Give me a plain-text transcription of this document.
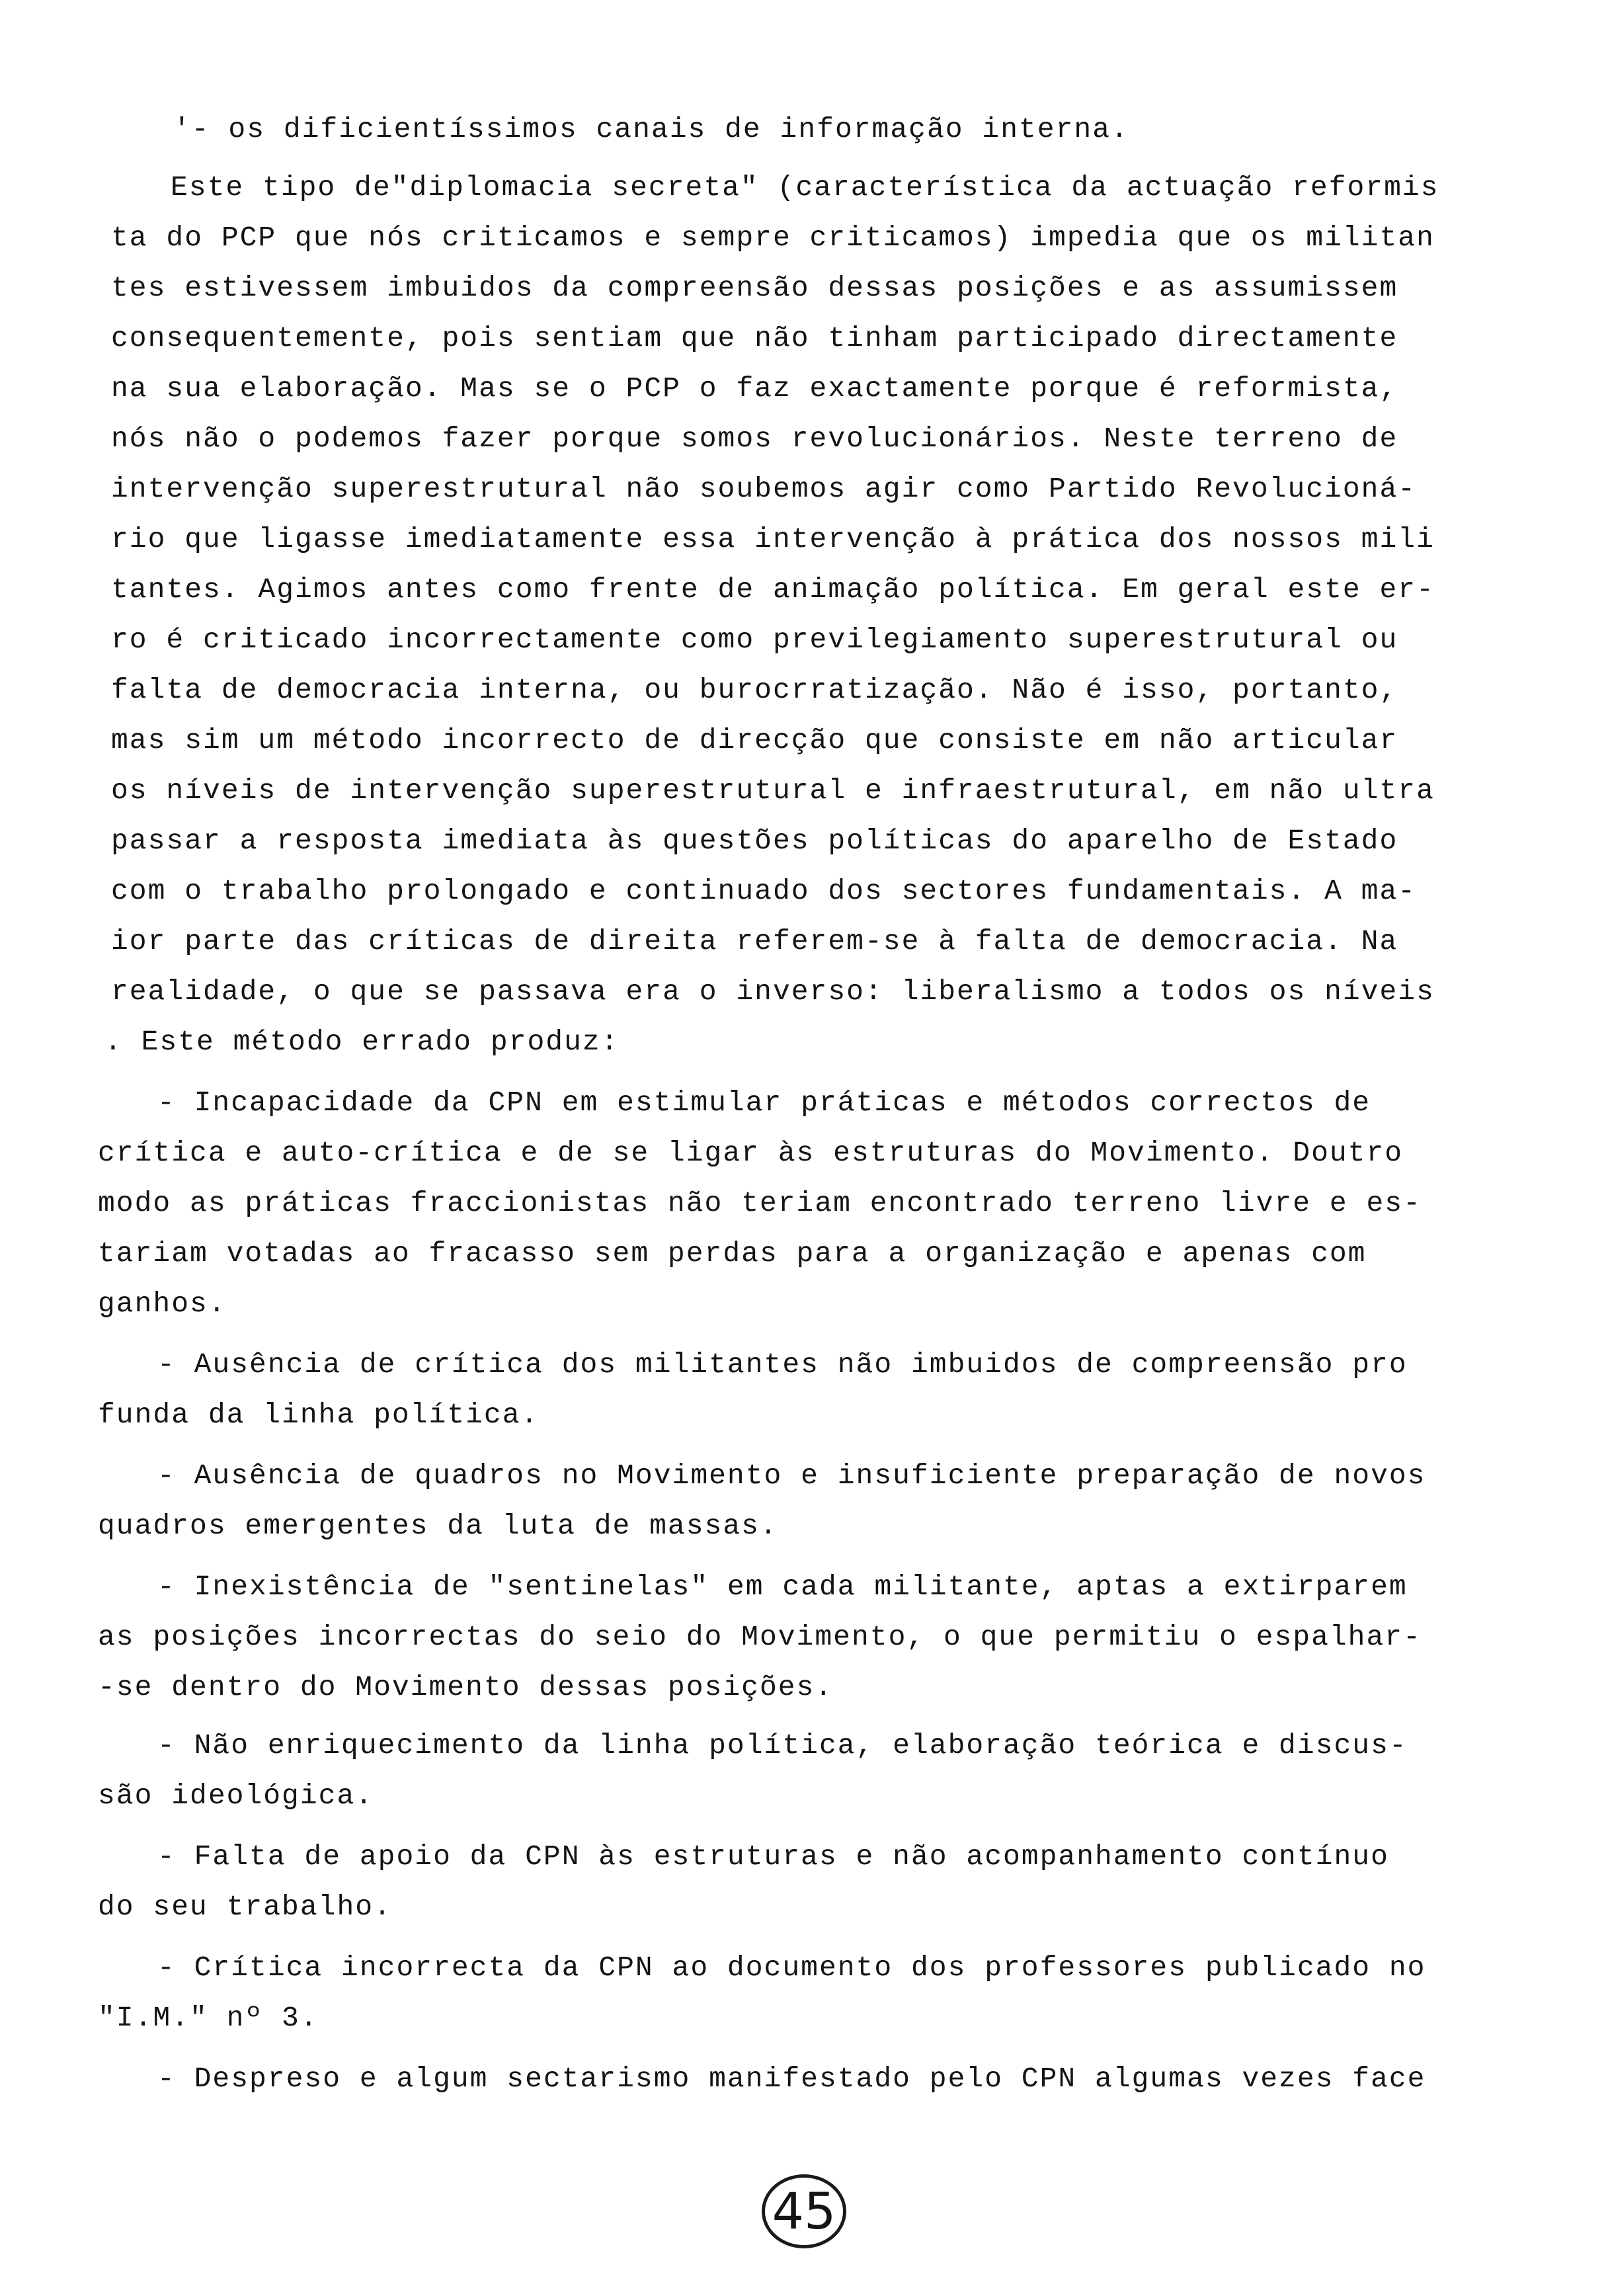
'- os dificientíssimos canais de informação interna.
Este tipo de"diplomacia secreta" (característica da actuação reformis
ta do PCP que nós criticamos e sempre criticamos) impedia que os militan
tes estivessem imbuidos da compreensão dessas posições e as assumissem
consequentemente, pois sentiam que não tinham participado directamente
na sua elaboração. Mas se o PCP o faz exactamente porque é reformista,
nós não o podemos fazer porque somos revolucionários. Neste terreno de
intervenção superestrutural não soubemos agir como Partido Revolucioná-
rio que ligasse imediatamente essa intervenção à prática dos nossos mili
tantes. Agimos antes como frente de animação política. Em geral este er-
ro é criticado incorrectamente como previlegiamento superestrutural ou
falta de democracia interna, ou burocrratização. Não é isso, portanto,
mas sim um método incorrecto de direcção que consiste em não articular
os níveis de intervenção superestrutural e infraestrutural, em não ultra
passar a resposta imediata às questões políticas do aparelho de Estado
com o trabalho prolongado e continuado dos sectores fundamentais. A ma-
ior parte das críticas de direita referem-se à falta de democracia. Na
realidade, o que se passava era o inverso: liberalismo a todos os níveis
. Este método errado produz:
- Incapacidade da CPN em estimular práticas e métodos correctos de
crítica e auto-crítica e de se ligar às estruturas do Movimento. Doutro
modo as práticas fraccionistas não teriam encontrado terreno livre e es-
tariam votadas ao fracasso sem perdas para a organização e apenas com
ganhos.
- Ausência de crítica dos militantes não imbuidos de compreensão pro
funda da linha política.
- Ausência de quadros no Movimento e insuficiente preparação de novos
quadros emergentes da luta de massas.
- Inexistência de "sentinelas" em cada militante, aptas a extirparem
as posições incorrectas do seio do Movimento, o que permitiu o espalhar-
-se dentro do Movimento dessas posições.
- Não enriquecimento da linha política, elaboração teórica e discus-
são ideológica.
- Falta de apoio da CPN às estruturas e não acompanhamento contínuo
do seu trabalho.
- Crítica incorrecta da CPN ao documento dos professores publicado no
"I.M." nº 3.
- Despreso e algum sectarismo manifestado pelo CPN algumas vezes face
45
